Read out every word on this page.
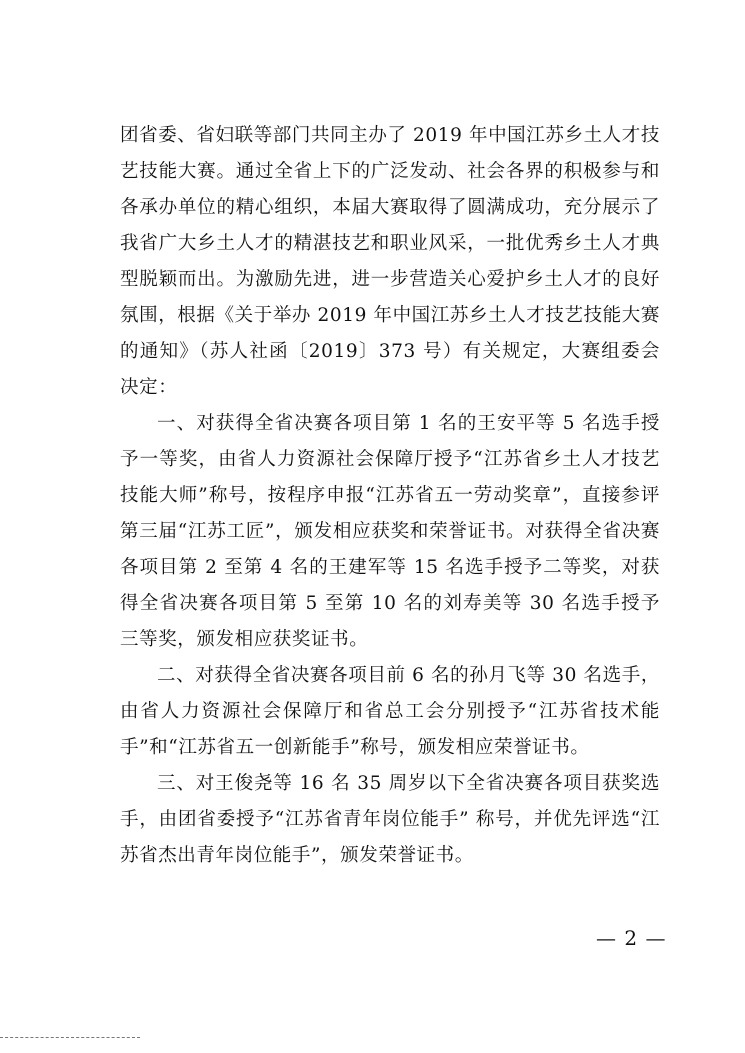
团省委、省妇联等部门共同主办了 2019 年中国江苏乡土人才技艺技能大赛。通过全省上下的广泛发动、社会各界的积极参与和各承办单位的精心组织，本届大赛取得了圆满成功，充分展示了我省广大乡土人才的精湛技艺和职业风采，一批优秀乡土人才典型脱颖而出。为激励先进，进一步营造关心爱护乡土人才的良好氛围，根据《关于举办 2019 年中国江苏乡土人才技艺技能大赛的通知》（苏人社函〔2019〕373 号）有关规定，大赛组委会决定：

一、对获得全省决赛各项目第 1 名的王安平等 5 名选手授予一等奖，由省人力资源社会保障厅授予“江苏省乡土人才技艺技能大师”称号，按程序申报“江苏省五一劳动奖章”，直接参评第三届“江苏工匠”，颁发相应获奖和荣誉证书。对获得全省决赛各项目第 2 至第 4 名的王建军等 15 名选手授予二等奖，对获得全省决赛各项目第 5 至第 10 名的刘寿美等 30 名选手授予三等奖，颁发相应获奖证书。

二、对获得全省决赛各项目前 6 名的孙月飞等 30 名选手，由省人力资源社会保障厅和省总工会分别授予“江苏省技术能手”和“江苏省五一创新能手”称号，颁发相应荣誉证书。

三、对王俊尧等 16 名 35 周岁以下全省决赛各项目获奖选手，由团省委授予“江苏省青年岗位能手” 称号，并优先评选“江苏省杰出青年岗位能手”，颁发荣誉证书。

— 2 —
